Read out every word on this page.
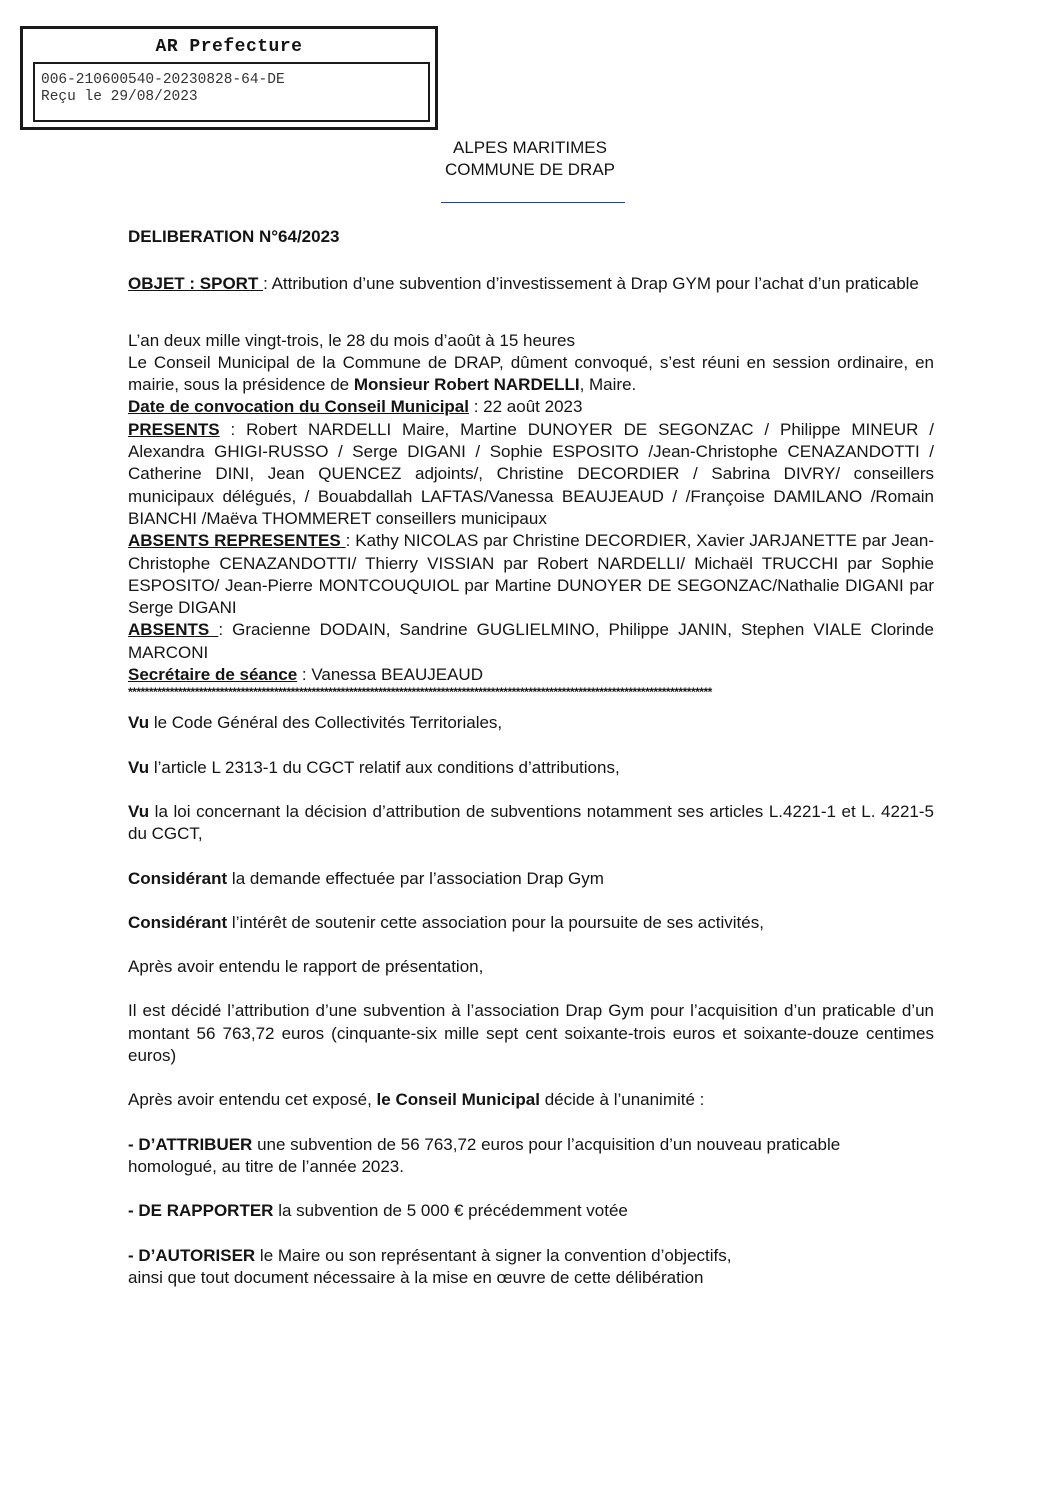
AR Prefecture
006-210600540-20230828-64-DE
Reçu le 29/08/2023
ALPES MARITIMES
COMMUNE DE DRAP

DELIBERATION N°64/2023

OBJET : SPORT : Attribution d’une subvention d’investissement à Drap GYM pour l’achat d’un praticable

L’an deux mille vingt-trois, le 28 du mois d’août à 15 heures

Le Conseil Municipal de la Commune de DRAP, dûment convoqué, s’est réuni en session ordinaire, en mairie, sous la présidence de Monsieur Robert NARDELLI, Maire.

Date de convocation du Conseil Municipal : 22 août 2023

PRESENTS : Robert NARDELLI Maire, Martine DUNOYER DE SEGONZAC / Philippe MINEUR / Alexandra GHIGI-RUSSO / Serge DIGANI / Sophie ESPOSITO /Jean-Christophe CENAZANDOTTI / Catherine DINI, Jean QUENCEZ adjoints/, Christine DECORDIER / Sabrina DIVRY/ conseillers municipaux délégués, / Bouabdallah LAFTAS/Vanessa BEAUJEAUD / /Françoise DAMILANO /Romain BIANCHI /Maëva THOMMERET conseillers municipaux

ABSENTS REPRESENTES : Kathy NICOLAS par Christine DECORDIER, Xavier JARJANETTE par Jean-Christophe CENAZANDOTTI/ Thierry VISSIAN par Robert NARDELLI/ Michaël TRUCCHI par Sophie ESPOSITO/ Jean-Pierre MONTCOUQUIOL par Martine DUNOYER DE SEGONZAC/Nathalie DIGANI par Serge DIGANI

ABSENTS : Gracienne DODAIN, Sandrine GUGLIELMINO, Philippe JANIN, Stephen VIALE Clorinde MARCONI

Secrétaire de séance : Vanessa BEAUJEAUD

********************************************************************************************************************************************

Vu le Code Général des Collectivités Territoriales,

Vu l’article L 2313-1 du CGCT relatif aux conditions d’attributions,

Vu la loi concernant la décision d’attribution de subventions notamment ses articles L.4221-1 et L. 4221-5 du CGCT,

Considérant la demande effectuée par l’association Drap Gym

Considérant l’intérêt de soutenir cette association pour la poursuite de ses activités,

Après avoir entendu le rapport de présentation,

Il est décidé l’attribution d’une subvention à l’association Drap Gym pour l’acquisition d’un praticable d’un montant 56 763,72 euros (cinquante-six mille sept cent soixante-trois euros et soixante-douze centimes euros)

Après avoir entendu cet exposé, le Conseil Municipal décide à l’unanimité :

- D’ATTRIBUER une subvention de 56 763,72 euros pour l’acquisition d’un nouveau praticable homologué, au titre de l’année 2023.

- DE RAPPORTER la subvention de 5 000 € précédemment votée

- D’AUTORISER le Maire ou son représentant à signer la convention d’objectifs,
ainsi que tout document nécessaire à la mise en œuvre de cette délibération
